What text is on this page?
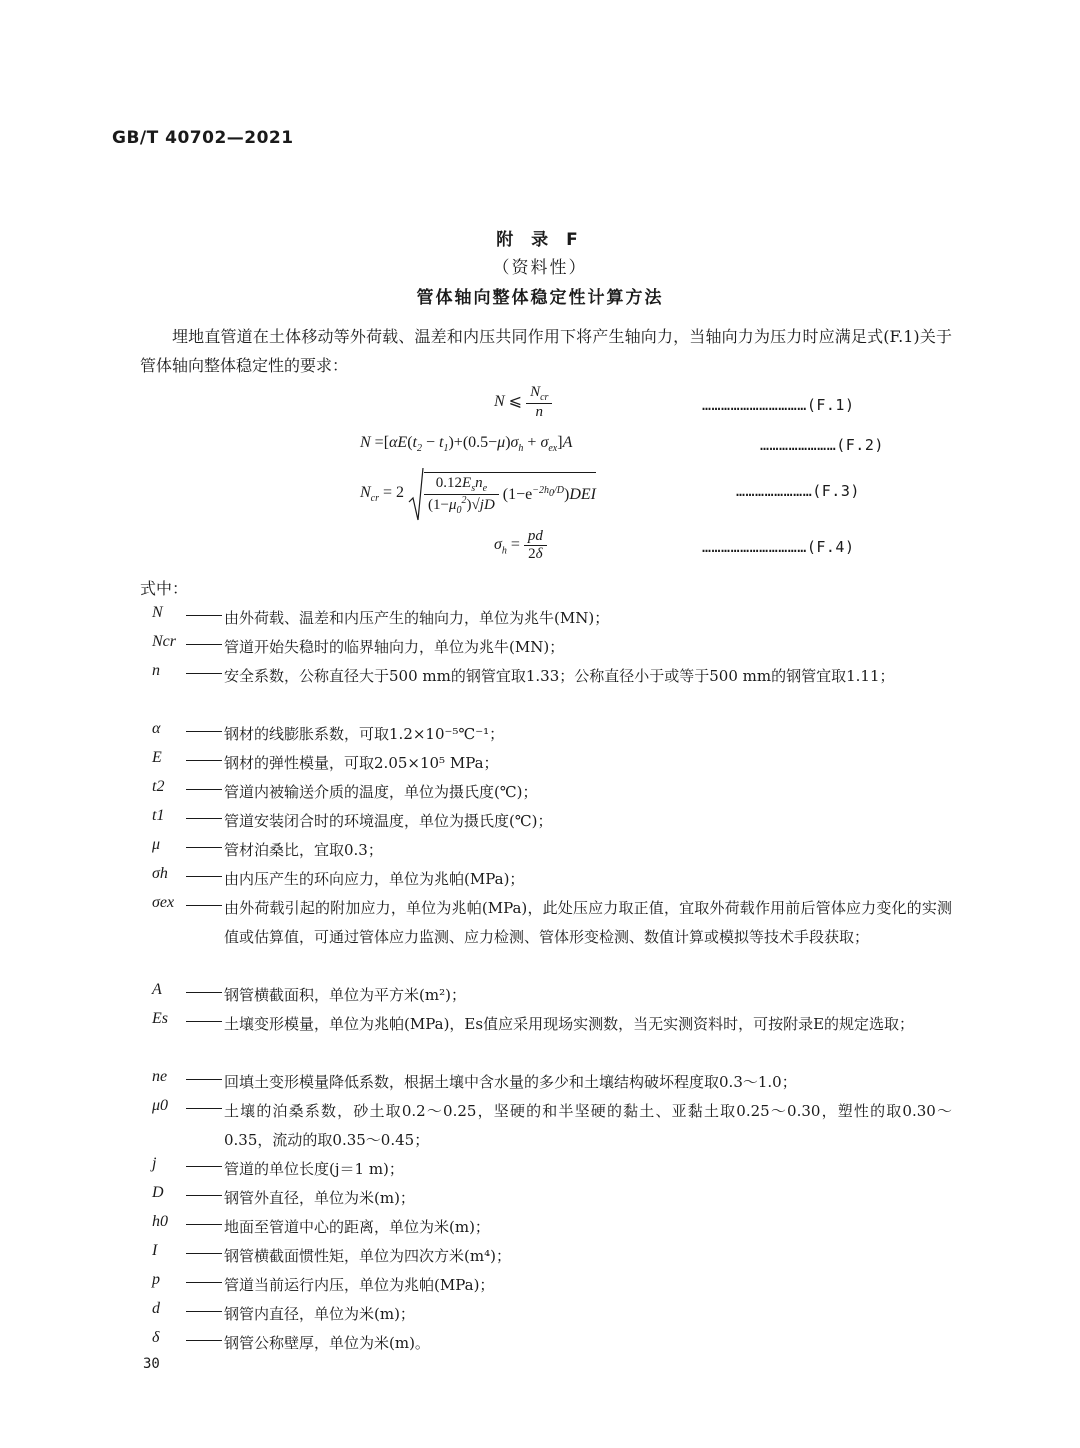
GB/T 40702—2021
附 录 F
（资料性）
管体轴向整体稳定性计算方法
埋地直管道在土体移动等外荷载、温差和内压共同作用下将产生轴向力，当轴向力为压力时应满足式(F.1)关于管体轴向整体稳定性的要求：
N ⩽ $\frac{N_{cr}}{n}$	……………………………(F.1)
$N =[\alpha E(t_2 - t_1)+(0.5-\mu)\sigma_h + \sigma_{ex}]A$	……………………(F.2)
$N_{cr} = 2 \frac{0.12E_sn_e}{(1-\mu_0^2)√jD} (1-e^{-2h_0/D})DEI$	……………………(F.3)
$\sigma_h = \frac{pd}{2\delta}$	……………………………(F.4)
式中：
N	由外荷载、温差和内压产生的轴向力，单位为兆牛(MN)；
Ncr	管道开始失稳时的临界轴向力，单位为兆牛(MN)；
n	安全系数，公称直径大于500 mm的钢管宜取1.33；公称直径小于或等于500 mm的钢管宜取1.11；
α	钢材的线膨胀系数，可取1.2×10⁻⁵℃⁻¹；
E	钢材的弹性模量，可取2.05×10⁵ MPa；
t2	管道内被输送介质的温度，单位为摄氏度(℃)；
t1	管道安装闭合时的环境温度，单位为摄氏度(℃)；
μ	管材泊桑比，宜取0.3；
σh	由内压产生的环向应力，单位为兆帕(MPa)；
σex	由外荷载引起的附加应力，单位为兆帕(MPa)，此处压应力取正值，宜取外荷载作用前后管体应力变化的实测值或估算值，可通过管体应力监测、应力检测、管体形变检测、数值计算或模拟等技术手段获取；
A	钢管横截面积，单位为平方米(m²)；
Es	土壤变形模量，单位为兆帕(MPa)，Es值应采用现场实测数，当无实测资料时，可按附录E的规定选取；
ne	回填土变形模量降低系数，根据土壤中含水量的多少和土壤结构破坏程度取0.3～1.0；
μ0	土壤的泊桑系数，砂土取0.2～0.25，坚硬的和半坚硬的黏土、亚黏土取0.25～0.30，塑性的取0.30～0.35，流动的取0.35～0.45；
j	管道的单位长度(j＝1 m)；
D	钢管外直径，单位为米(m)；
h0	地面至管道中心的距离，单位为米(m)；
I	钢管横截面惯性矩，单位为四次方米(m⁴)；
p	管道当前运行内压，单位为兆帕(MPa)；
d	钢管内直径，单位为米(m)；
δ	钢管公称壁厚，单位为米(m)。
30
